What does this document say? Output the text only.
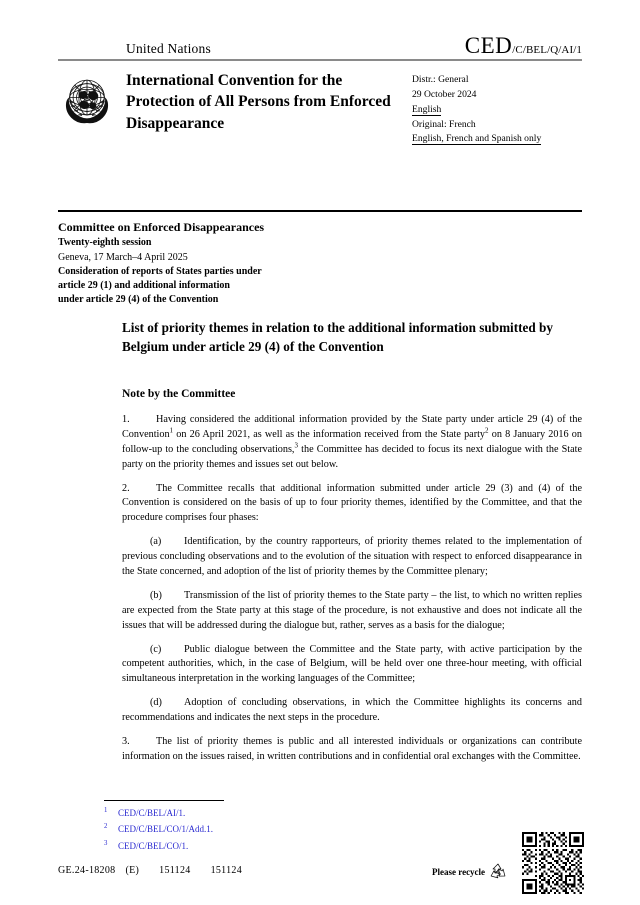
United Nations	CED /C/BEL/Q/AI/1
International Convention for the Protection of All Persons from Enforced Disappearance
Distr.: General
29 October 2024
English
Original: French
English, French and Spanish only
Committee on Enforced Disappearances
Twenty-eighth session
Geneva, 17 March–4 April 2025
Consideration of reports of States parties under
article 29 (1) and additional information
under article 29 (4) of the Convention
List of priority themes in relation to the additional information submitted by Belgium under article 29 (4) of the Convention
Note by the Committee

1.	Having considered the additional information provided by the State party under article 29 (4) of the Convention$^1$ on 26 April 2021, as well as the information received from the State party$^2$ on 8 January 2016 on follow-up to the concluding observations,$^3$ the Committee has decided to focus its next dialogue with the State party on the priority themes and issues set out below.

2.	The Committee recalls that additional information submitted under article 29 (3) and (4) of the Convention is considered on the basis of up to four priority themes, identified by the Committee, and that the procedure comprises four phases:

(a) Identification, by the country rapporteurs, of priority themes related to the implementation of previous concluding observations and to the evolution of the situation with respect to enforced disappearance in the State concerned, and adoption of the list of priority themes by the Committee plenary;

(b) Transmission of the list of priority themes to the State party – the list, to which no written replies are expected from the State party at this stage of the procedure, is not exhaustive and does not indicate all the issues that will be addressed during the dialogue but, rather, serves as a basis for the dialogue;

(c) Public dialogue between the Committee and the State party, with active participation by the competent authorities, which, in the case of Belgium, will be held over one three-hour meeting, with official simultaneous interpretation in the working languages of the Committee;

(d) Adoption of concluding observations, in which the Committee highlights its concerns and recommendations and indicates the next steps in the procedure.

3.	The list of priority themes is public and all interested individuals or organizations can contribute information on the issues raised, in written contributions and in confidential oral exchanges with the Committee.

1 CED/C/BEL/AI/1.
2 CED/C/BEL/CO/1/Add.1.
3 CED/C/BEL/CO/1.
GE.24-18208 (E) 151124 151124	Please recycle
